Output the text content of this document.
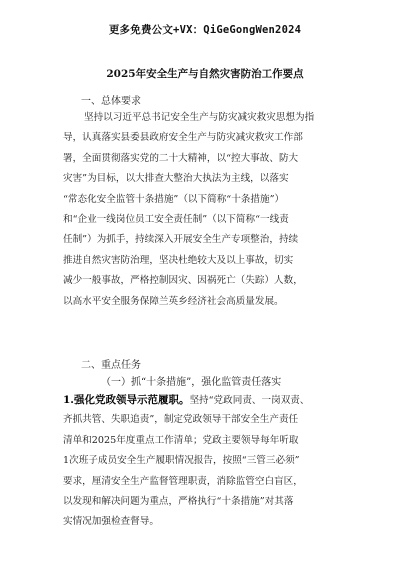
更多免费公文+VX：QiGeGongWen2024
2025年安全生产与自然灾害防治工作要点
一、总体要求
坚持以习近平总书记安全生产与防灾减灾救灾思想为指
导，认真落实县委县政府安全生产与防灾减灾救灾工作部
署，全面贯彻落实党的二十大精神，以“控大事故、防大
灾害”为目标，以大排查大整治大执法为主线，以落实
“常态化安全监管十条措施”（以下简称“十条措施”）
和“企业一线岗位员工安全责任制”（以下简称“一线责
任制”）为抓手，持续深入开展安全生产专项整治，持续
推进自然灾害防治理，坚决杜绝较大及以上事故，切实
减少一般事故，严格控制因灾、因祸死亡（失踪）人数，
以高水平安全服务保障兰英乡经济社会高质量发展。
二、重点任务
（一）抓“十条措施”，强化监管责任落实
1.强化党政领导示范履职。坚持“党政同责、一岗双责、
齐抓共管、失职追责”，制定党政领导干部安全生产责任
清单和2025年度重点工作清单；党政主要领导每年听取
1次班子成员安全生产履职情况报告，按照“三管三必须”
要求，厘清安全生产监督管理职责，消除监管空白盲区，
以发现和解决问题为重点，严格执行“十条措施”对其落
实情况加强检查督导。
